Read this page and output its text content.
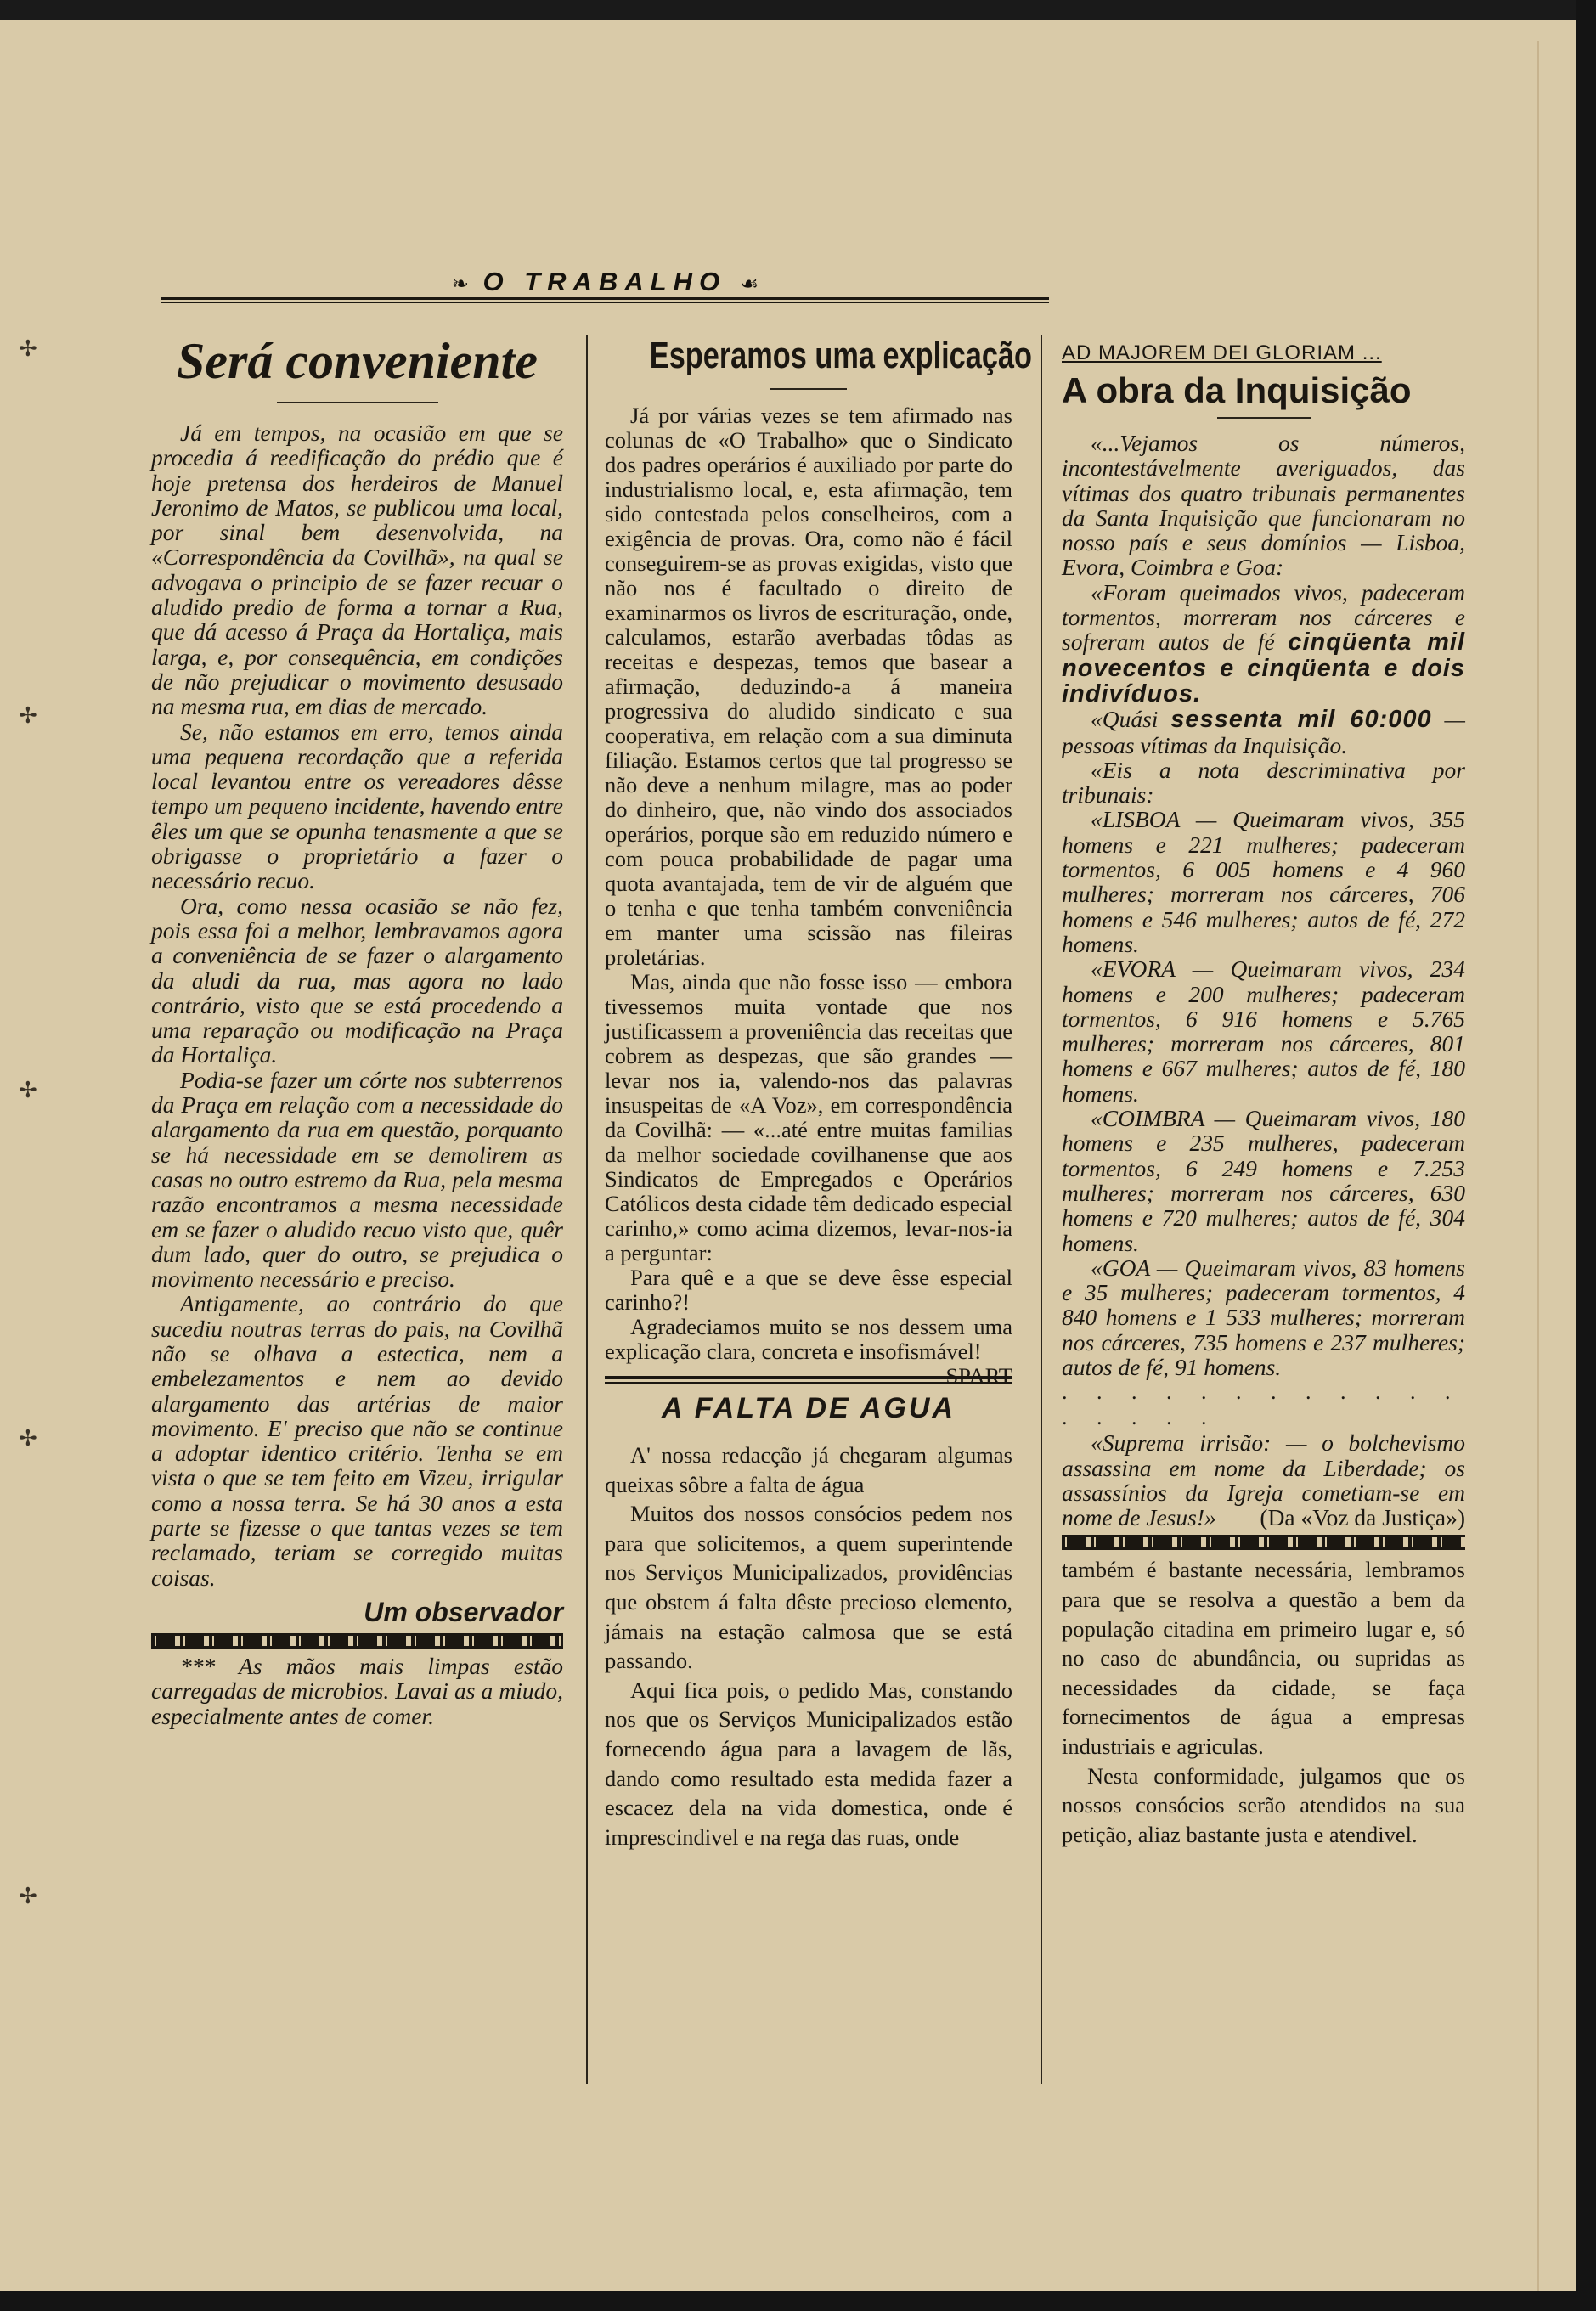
✢
✢
✢
✢
✢
❧ O TRABALHO ☙
Será conveniente

Já em tempos, na ocasião em que se procedia á reedificação do prédio que é hoje pretensa dos herdeiros de Manuel Jeronimo de Matos, se publicou uma local, por sinal bem desenvolvida, na «Correspondência da Covilhã», na qual se advogava o principio de se fazer recuar o aludido predio de forma a tornar a Rua, que dá acesso á Praça da Hortaliça, mais larga, e, por consequência, em condições de não prejudicar o movimento desusado na mesma rua, em dias de mercado.

Se, não estamos em erro, temos ainda uma pequena recordação que a referida local levantou entre os vereadores dêsse tempo um pequeno incidente, havendo entre êles um que se opunha tenasmente a que se obrigasse o proprietário a fazer o necessário recuo.

Ora, como nessa ocasião se não fez, pois essa foi a melhor, lembravamos agora a conveniência de se fazer o alargamento da aludi da rua, mas agora no lado contrário, visto que se está procedendo a uma reparação ou modificação na Praça da Hortaliça.

Podia-se fazer um córte nos subterrenos da Praça em relação com a necessidade do alargamento da rua em questão, porquanto se há necessidade em se demolirem as casas no outro estremo da Rua, pela mesma razão encontramos a mesma necessidade em se fazer o aludido recuo visto que, quêr dum lado, quer do outro, se prejudica o movimento necessário e preciso.

Antigamente, ao contrário do que sucediu noutras terras do pais, na Covilhã não se olhava a estectica, nem a embelezamentos e nem ao devido alargamento das artérias de maior movimento. E' preciso que não se continue a adoptar identico critério. Tenha se em vista o que se tem feito em Vizeu, irrigular como a nossa terra. Se há 30 anos a esta parte se fizesse o que tantas vezes se tem reclamado, teriam se corregido muitas coisas.

Um observador

*** As mãos mais limpas estão carregadas de microbios. Lavai as a miudo, especialmente antes de comer.

Esperamos uma explicação

Já por várias vezes se tem afirmado nas colunas de «O Trabalho» que o Sindicato dos padres operários é auxiliado por parte do industrialismo local, e, esta afirmação, tem sido contestada pelos conselheiros, com a exigência de provas. Ora, como não é fácil conseguirem-se as provas exigidas, visto que não nos é facultado o direito de examinarmos os livros de escrituração, onde, calculamos, estarão averbadas tôdas as receitas e despezas, temos que basear a afirmação, deduzindo-a á maneira progressiva do aludido sindicato e sua cooperativa, em relação com a sua diminuta filiação. Estamos certos que tal progresso se não deve a nenhum milagre, mas ao poder do dinheiro, que, não vindo dos associados operários, porque são em reduzido número e com pouca probabilidade de pagar uma quota avantajada, tem de vir de alguém que o tenha e que tenha também conveniência em manter uma scissão nas fileiras proletárias.

Mas, ainda que não fosse isso — embora tivessemos muita vontade que nos justificassem a proveniência das receitas que cobrem as despezas, que são grandes — levar nos ia, valendo-nos das palavras insuspeitas de «A Voz», em correspondência da Covilhã: — «...até entre muitas familias da melhor sociedade covilhanense que aos Sindicatos de Empregados e Operários Católicos desta cidade têm dedicado especial carinho,» como acima dizemos, levar-nos-ia a perguntar:

Para quê e a que se deve êsse especial carinho?!

Agradeciamos muito se nos dessem uma explicação clara, concreta e insofismável!
SPART

A FALTA DE AGUA

A' nossa redacção já chegaram algumas queixas sôbre a falta de água

Muitos dos nossos consócios pedem nos para que solicitemos, a quem superintende nos Serviços Municipalizados, providências que obstem á falta dêste precioso elemento, jámais na estação calmosa que se está passando.

Aqui fica pois, o pedido Mas, constando nos que os Serviços Municipalizados estão fornecendo água para a lavagem de lãs, dando como resultado esta medida fazer a escacez dela na vida domestica, onde é imprescindivel e na rega das ruas, onde

AD MAJOREM DEI GLORIAM ...
A obra da Inquisição

«...Vejamos os números, incontestávelmente averiguados, das vítimas dos quatro tribunais permanentes da Santa Inquisição que funcionaram no nosso país e seus domínios — Lisboa, Evora, Coimbra e Goa:

«Foram queimados vivos, padeceram tormentos, morreram nos cárceres e sofreram autos de fé cinqüenta mil novecentos e cinqüenta e dois indivíduos.

«Quási sessenta mil 60:000 — pessoas vítimas da Inquisição.

«Eis a nota descriminativa por tribunais:

«LISBOA — Queimaram vivos, 355 homens e 221 mulheres; padeceram tormentos, 6 005 homens e 4 960 mulheres; morreram nos cárceres, 706 homens e 546 mulheres; autos de fé, 272 homens.

«EVORA — Queimaram vivos, 234 homens e 200 mulheres; padeceram tormentos, 6 916 homens e 5.765 mulheres; morreram nos cárceres, 801 homens e 667 mulheres; autos de fé, 180 homens.

«COIMBRA — Queimaram vivos, 180 homens e 235 mulheres, padeceram tormentos, 6 249 homens e 7.253 mulheres; morreram nos cárceres, 630 homens e 720 mulheres; autos de fé, 304 homens.

«GOA — Queimaram vivos, 83 homens e 35 mulheres; padeceram tormentos, 4 840 homens e 1 533 mulheres; morreram nos cárceres, 735 homens e 237 mulheres; autos de fé, 91 homens.

. . . . . . . . . . . . . . . . .

«Suprema irrisão: — o bolchevismo assassina em nome da Liberdade; os assassínios da Igreja cometiam-se em nome de Jesus!»	(Da «Voz da Justiça»)

também é bastante necessária, lembramos para que se resolva a questão a bem da população citadina em primeiro lugar e, só no caso de abundância, ou supridas as necessidades da cidade, se faça fornecimentos de água a empresas industriais e agriculas.

Nesta conformidade, julgamos que os nossos consócios serão atendidos na sua petição, aliaz bastante justa e atendivel.
